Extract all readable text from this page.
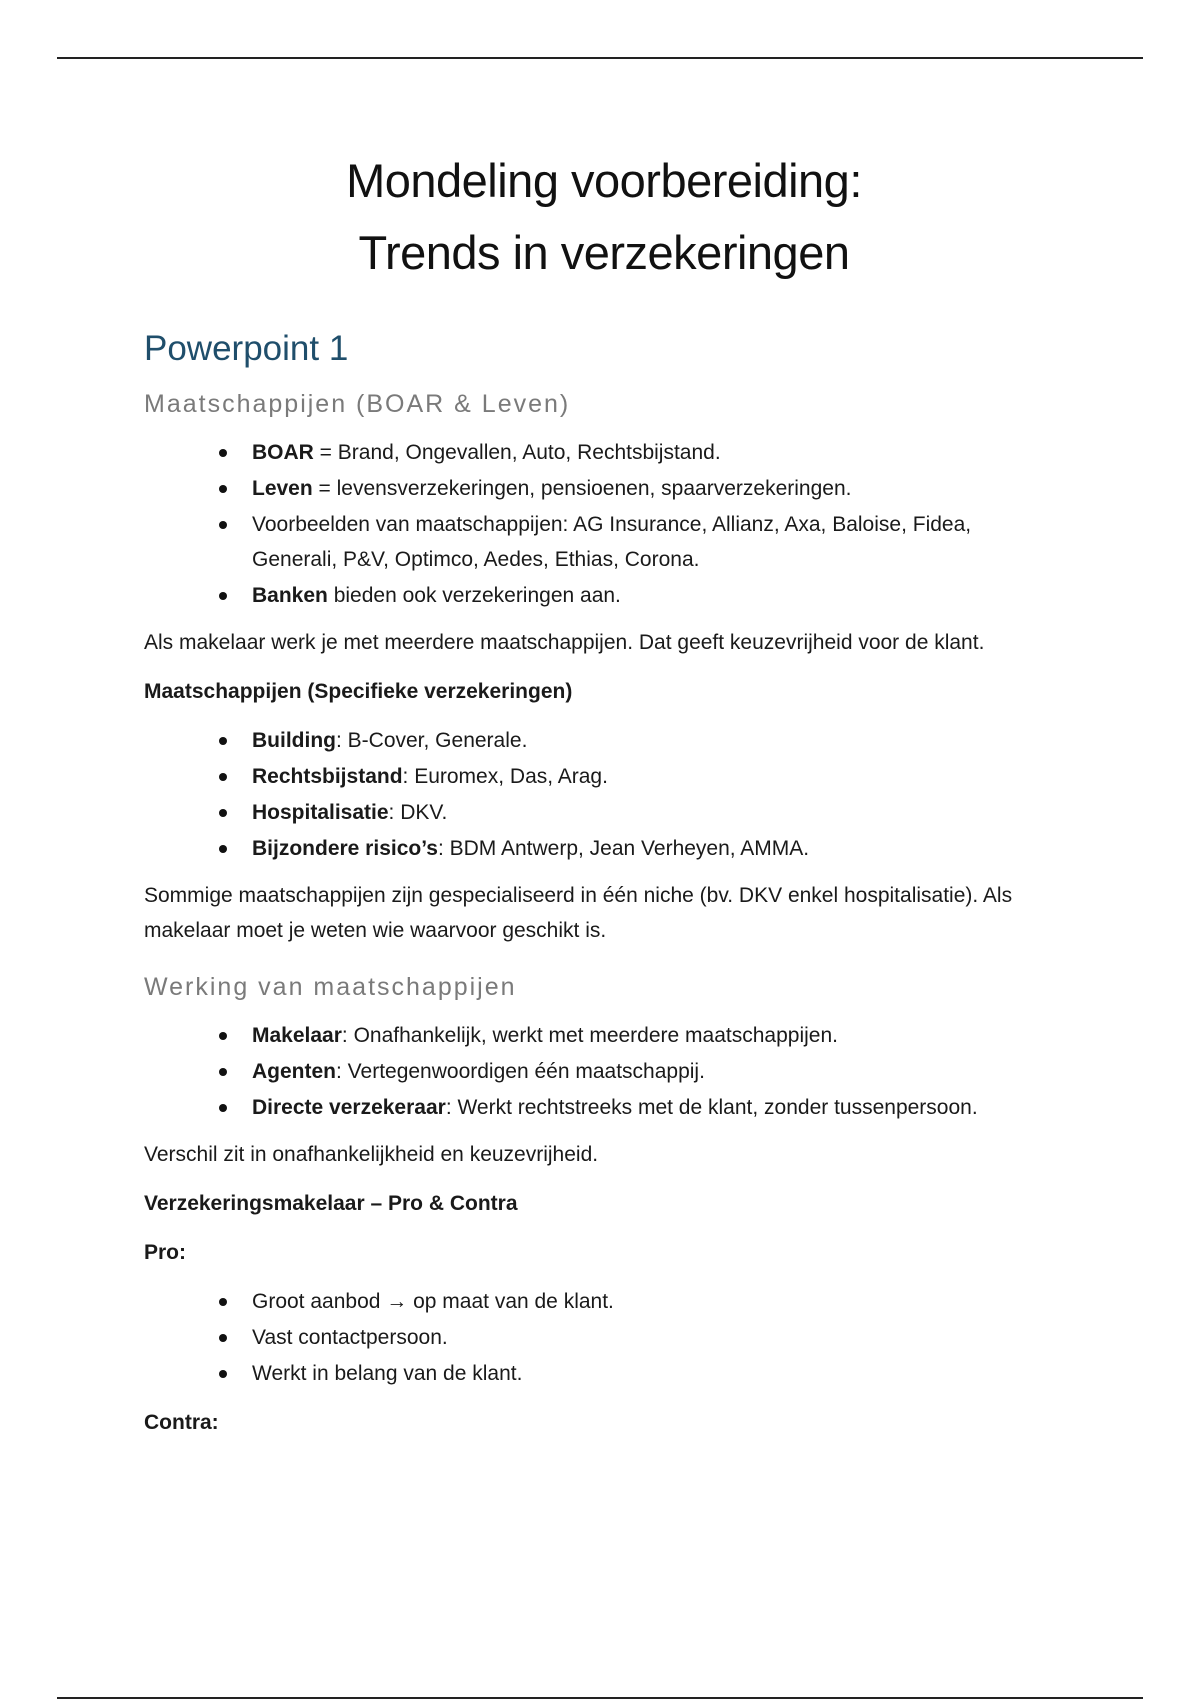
Mondeling voorbereiding:
Trends in verzekeringen
Powerpoint 1
Maatschappijen (BOAR & Leven)
BOAR = Brand, Ongevallen, Auto, Rechtsbijstand.
Leven = levensverzekeringen, pensioenen, spaarverzekeringen.
Voorbeelden van maatschappijen: AG Insurance, Allianz, Axa, Baloise, Fidea, Generali, P&V, Optimco, Aedes, Ethias, Corona.
Banken bieden ook verzekeringen aan.

Als makelaar werk je met meerdere maatschappijen. Dat geeft keuzevrijheid voor de klant.

Maatschappijen (Specifieke verzekeringen)

Building: B-Cover, Generale.
Rechtsbijstand: Euromex, Das, Arag.
Hospitalisatie: DKV.
Bijzondere risico’s: BDM Antwerp, Jean Verheyen, AMMA.

Sommige maatschappijen zijn gespecialiseerd in één niche (bv. DKV enkel hospitalisatie). Als makelaar moet je weten wie waarvoor geschikt is.

Werking van maatschappijen
Makelaar: Onafhankelijk, werkt met meerdere maatschappijen.
Agenten: Vertegenwoordigen één maatschappij.
Directe verzekeraar: Werkt rechtstreeks met de klant, zonder tussenpersoon.

Verschil zit in onafhankelijkheid en keuzevrijheid.

Verzekeringsmakelaar – Pro & Contra

Pro:

Groot aanbod → op maat van de klant.
Vast contactpersoon.
Werkt in belang van de klant.

Contra:
